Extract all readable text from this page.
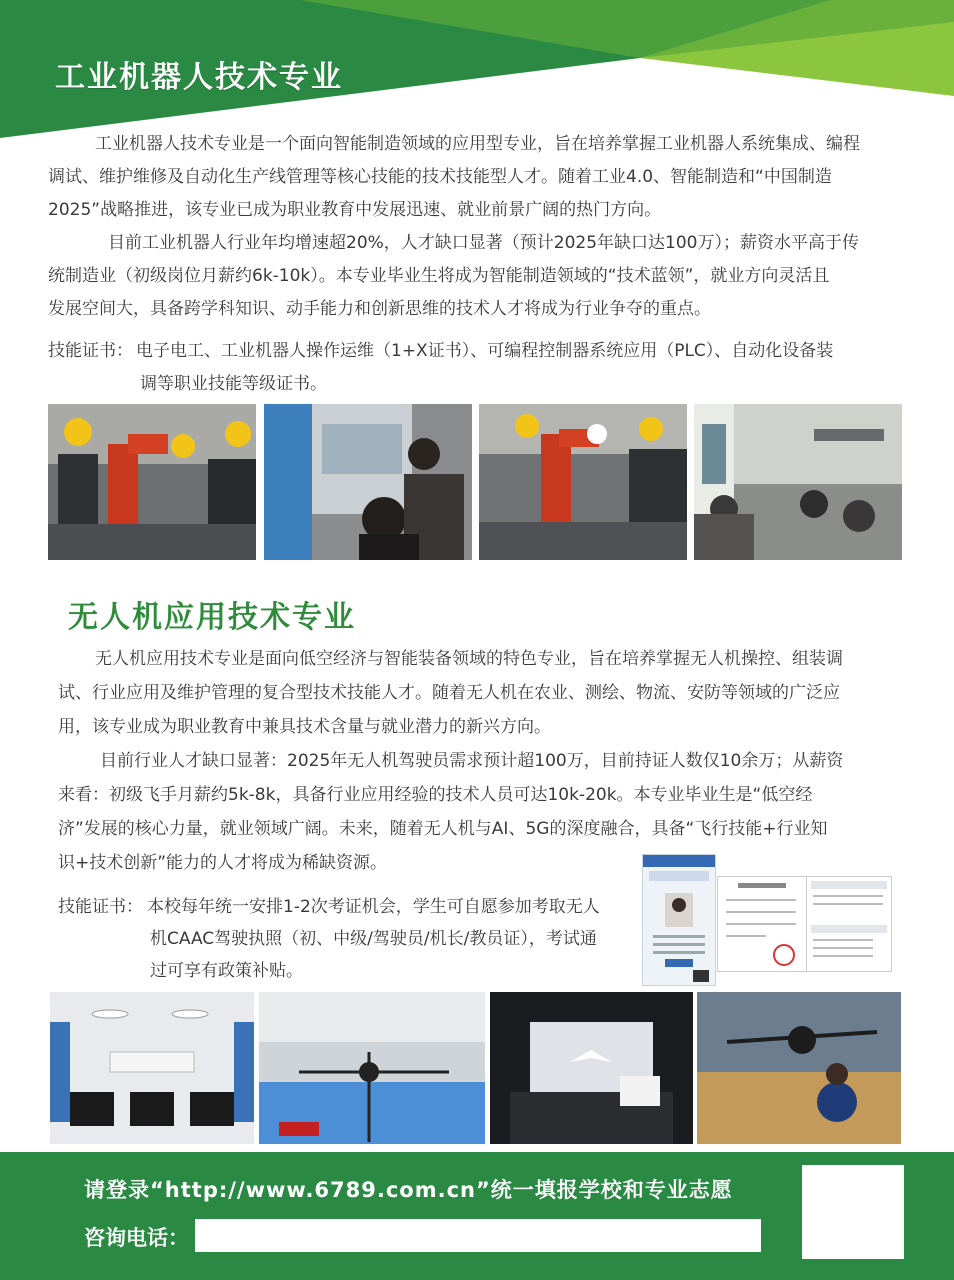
工业机器人技术专业
工业机器人技术专业是一个面向智能制造领域的应用型专业，旨在培养掌握工业机器人系统集成、编程
调试、维护维修及自动化生产线管理等核心技能的技术技能型人才。随着工业4.0、智能制造和“中国制造
2025”战略推进，该专业已成为职业教育中发展迅速、就业前景广阔的热门方向。
目前工业机器人行业年均增速超20%，人才缺口显著（预计2025年缺口达100万）；薪资水平高于传
统制造业（初级岗位月薪约6k-10k）。本专业毕业生将成为智能制造领域的“技术蓝领”，就业方向灵活且
发展空间大，具备跨学科知识、动手能力和创新思维的技术人才将成为行业争夺的重点。
技能证书： 电子电工、工业机器人操作运维（1+X证书）、可编程控制器系统应用（PLC）、自动化设备装
调等职业技能等级证书。
无人机应用技术专业
无人机应用技术专业是面向低空经济与智能装备领域的特色专业，旨在培养掌握无人机操控、组装调
试、行业应用及维护管理的复合型技术技能人才。随着无人机在农业、测绘、物流、安防等领域的广泛应
用，该专业成为职业教育中兼具技术含量与就业潜力的新兴方向。
目前行业人才缺口显著：2025年无人机驾驶员需求预计超100万，目前持证人数仅10余万；从薪资
来看：初级飞手月薪约5k-8k，具备行业应用经验的技术人员可达10k-20k。本专业毕业生是“低空经
济”发展的核心力量，就业领域广阔。未来，随着无人机与AI、5G的深度融合，具备“飞行技能+行业知
识+技术创新”能力的人才将成为稀缺资源。
技能证书： 本校每年统一安排1-2次考证机会，学生可自愿参加考取无人
机CAAC驾驶执照（初、中级/驾驶员/机长/教员证），考试通
过可享有政策补贴。
请登录“http://www.6789.com.cn”统一填报学校和专业志愿
咨询电话：
